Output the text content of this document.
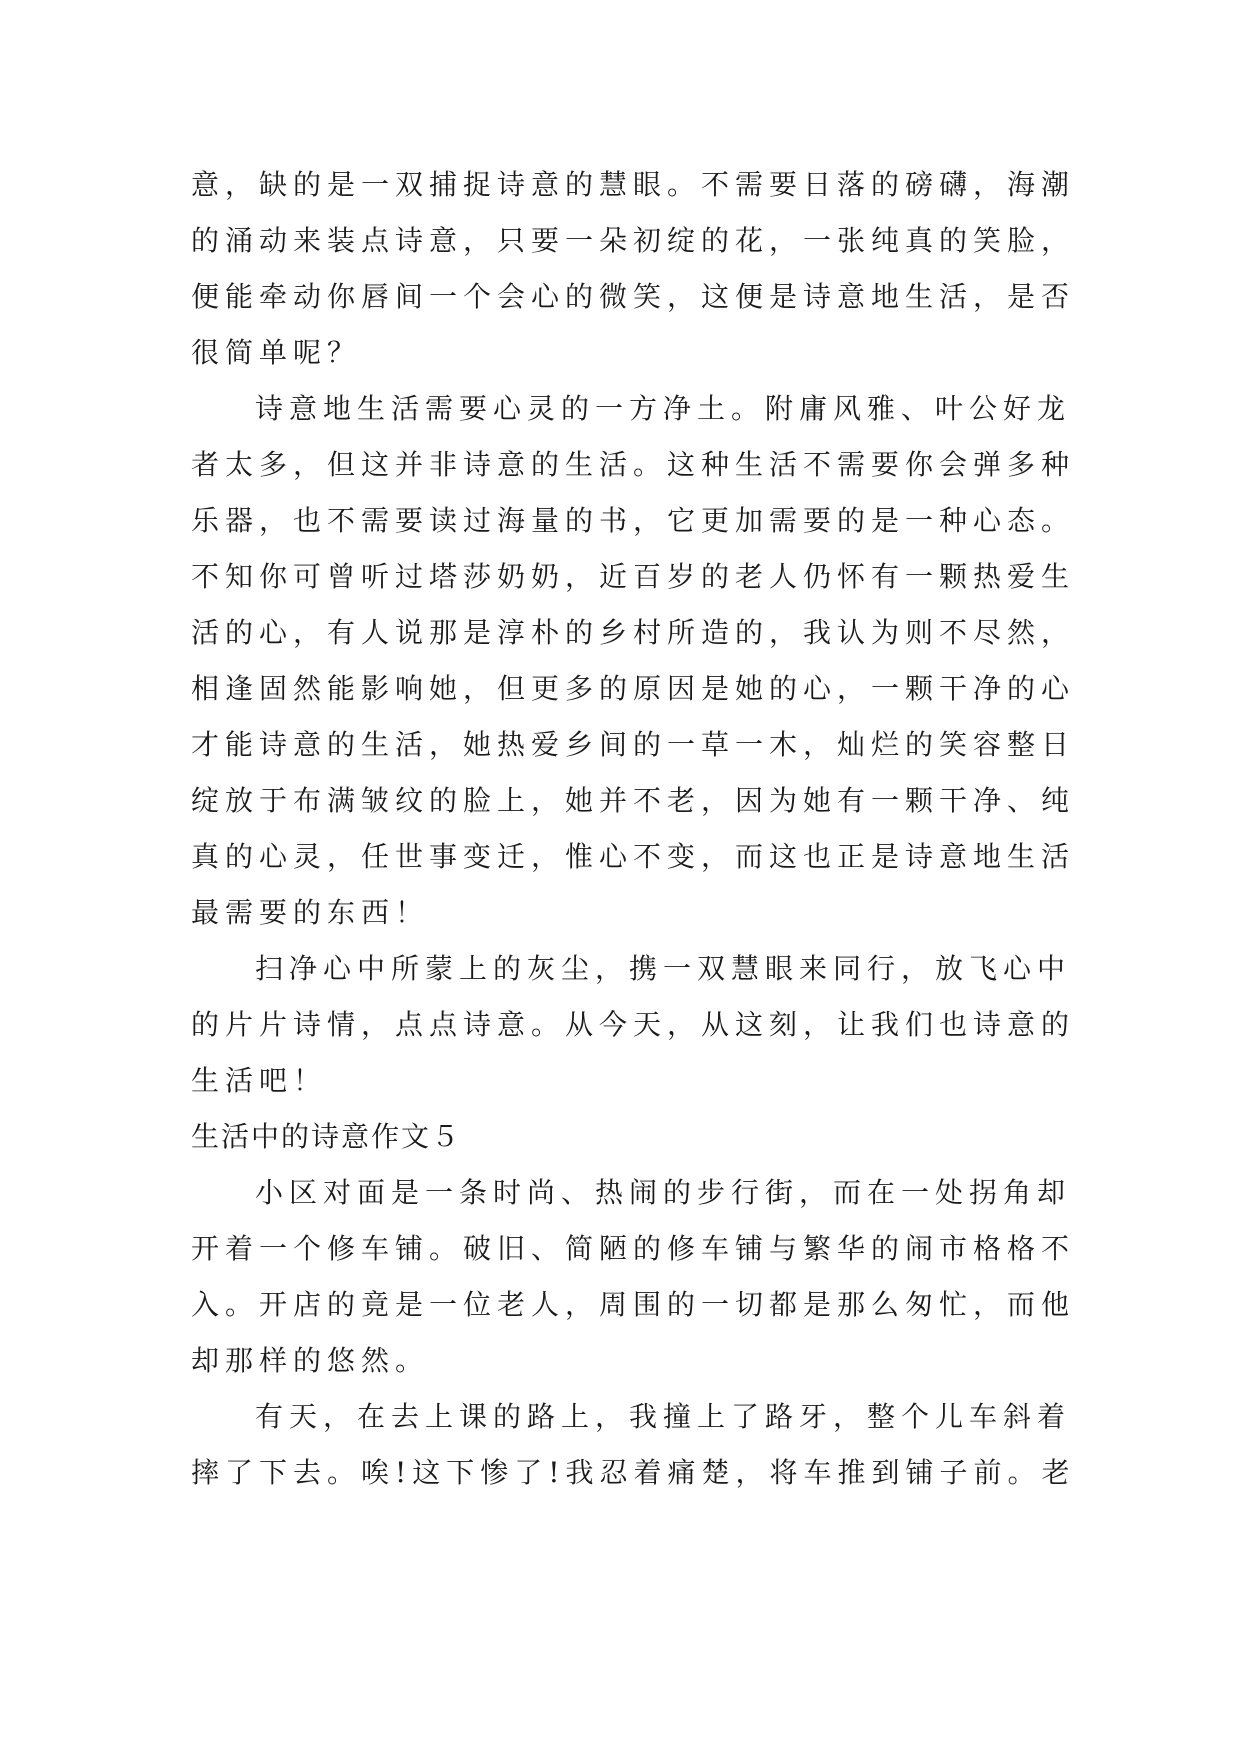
意，缺的是一双捕捉诗意的慧眼。不需要日落的磅礴，海潮
的涌动来装点诗意，只要一朵初绽的花，一张纯真的笑脸，
便能牵动你唇间一个会心的微笑，这便是诗意地生活，是否
很简单呢？
诗意地生活需要心灵的一方净土。附庸风雅、叶公好龙
者太多，但这并非诗意的生活。这种生活不需要你会弹多种
乐器，也不需要读过海量的书，它更加需要的是一种心态。
不知你可曾听过塔莎奶奶，近百岁的老人仍怀有一颗热爱生
活的心，有人说那是淳朴的乡村所造的，我认为则不尽然，
相逢固然能影响她，但更多的原因是她的心，一颗干净的心
才能诗意的生活，她热爱乡间的一草一木，灿烂的笑容整日
绽放于布满皱纹的脸上，她并不老，因为她有一颗干净、纯
真的心灵，任世事变迁，惟心不变，而这也正是诗意地生活
最需要的东西！
扫净心中所蒙上的灰尘，携一双慧眼来同行，放飞心中
的片片诗情，点点诗意。从今天，从这刻，让我们也诗意的
生活吧！
生活中的诗意作文５
小区对面是一条时尚、热闹的步行街，而在一处拐角却
开着一个修车铺。破旧、简陋的修车铺与繁华的闹市格格不
入。开店的竟是一位老人，周围的一切都是那么匆忙，而他
却那样的悠然。
有天，在去上课的路上，我撞上了路牙，整个儿车斜着
摔了下去。唉!这下惨了!我忍着痛楚，将车推到铺子前。老
